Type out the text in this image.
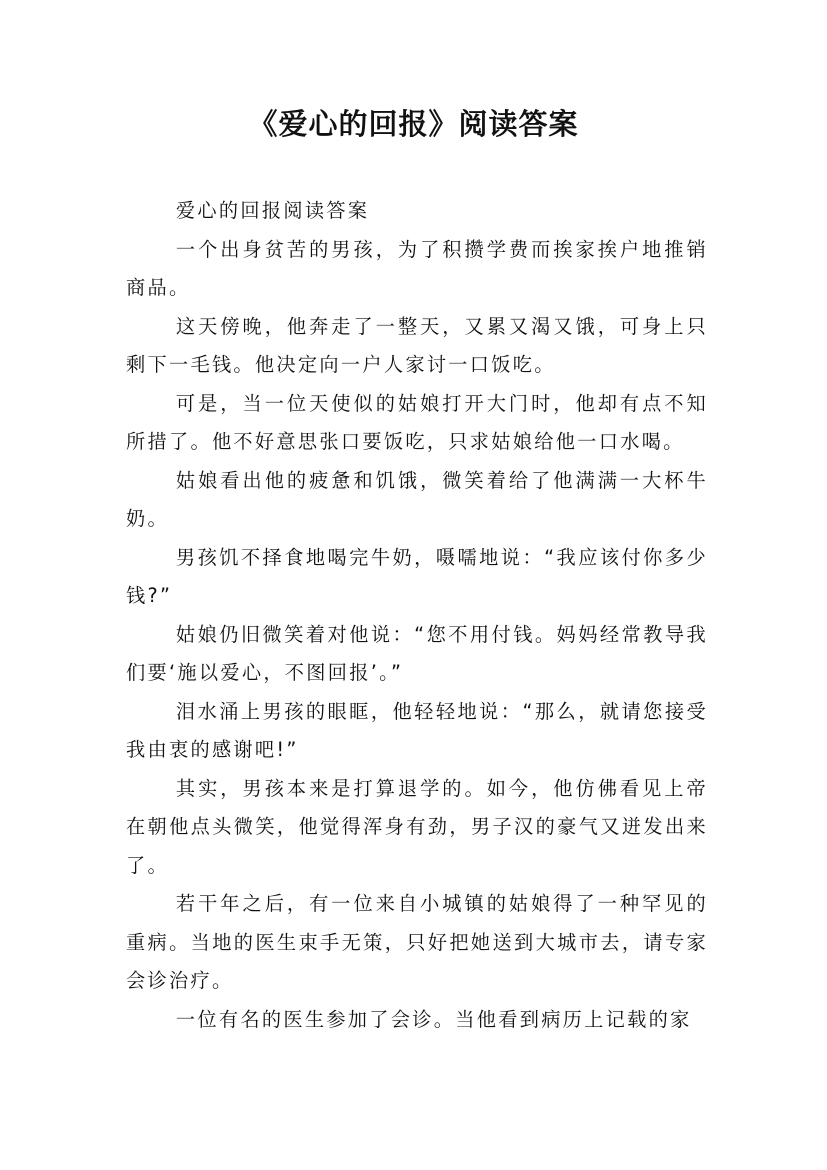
《爱心的回报》阅读答案

爱心的回报阅读答案

一个出身贫苦的男孩，为了积攒学费而挨家挨户地推销商品。

这天傍晚，他奔走了一整天，又累又渴又饿，可身上只剩下一毛钱。他决定向一户人家讨一口饭吃。

可是，当一位天使似的姑娘打开大门时，他却有点不知所措了。他不好意思张口要饭吃，只求姑娘给他一口水喝。

姑娘看出他的疲惫和饥饿，微笑着给了他满满一大杯牛奶。

男孩饥不择食地喝完牛奶，嗫嚅地说：“我应该付你多少钱?”

姑娘仍旧微笑着对他说：“您不用付钱。妈妈经常教导我们要‘施以爱心，不图回报’。”

泪水涌上男孩的眼眶，他轻轻地说：“那么，就请您接受我由衷的感谢吧!”

其实，男孩本来是打算退学的。如今，他仿佛看见上帝在朝他点头微笑，他觉得浑身有劲，男子汉的豪气又迸发出来了。

若干年之后，有一位来自小城镇的姑娘得了一种罕见的重病。当地的医生束手无策，只好把她送到大城市去，请专家会诊治疗。

一位有名的医生参加了会诊。当他看到病历上记载的家
